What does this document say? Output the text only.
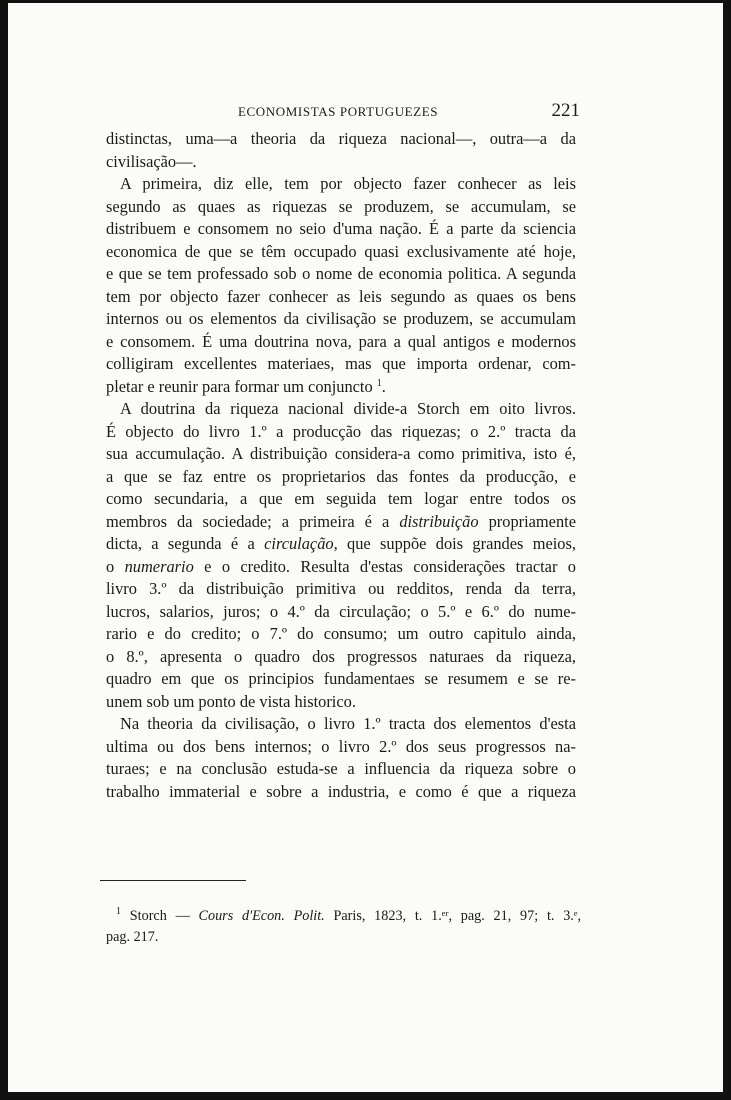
ECONOMISTAS PORTUGUEZES	221
distinctas, uma—a theoria da riqueza nacional—, outra—a da
civilisação—.
A primeira, diz elle, tem por objecto fazer conhecer as leis
segundo as quaes as riquezas se produzem, se accumulam, se
distribuem e consomem no seio d'uma nação. É a parte da sciencia
economica de que se têm occupado quasi exclusivamente até hoje,
e que se tem professado sob o nome de economia politica. A segunda
tem por objecto fazer conhecer as leis segundo as quaes os bens
internos ou os elementos da civilisação se produzem, se accumulam
e consomem. É uma doutrina nova, para a qual antigos e modernos
colligiram excellentes materiaes, mas que importa ordenar, com-
pletar e reunir para formar um conjuncto $^1$.
A doutrina da riqueza nacional divide-a Storch em oito livros.
É objecto do livro 1.º a producção das riquezas; o 2.º tracta da
sua accumulação. A distribuição considera-a como primitiva, isto é,
a que se faz entre os proprietarios das fontes da producção, e
como secundaria, a que em seguida tem logar entre todos os
membros da sociedade; a primeira é a distribuição propriamente
dicta, a segunda é a circulação, que suppõe dois grandes meios,
o numerario e o credito. Resulta d'estas considerações tractar o
livro 3.º da distribuição primitiva ou redditos, renda da terra,
lucros, salarios, juros; o 4.º da circulação; o 5.º e 6.º do nume-
rario e do credito; o 7.º do consumo; um outro capitulo ainda,
o 8.º, apresenta o quadro dos progressos naturaes da riqueza,
quadro em que os principios fundamentaes se resumem e se re-
unem sob um ponto de vista historico.
Na theoria da civilisação, o livro 1.º tracta dos elementos d'esta
ultima ou dos bens internos; o livro 2.º dos seus progressos na-
turaes; e na conclusão estuda-se a influencia da riqueza sobre o
trabalho immaterial e sobre a industria, e como é que a riqueza
$^1$ Storch — Cours d'Econ. Polit. Paris, 1823, t. 1.ᵉʳ, pag. 21, 97; t. 3.ᵉ,
pag. 217.
